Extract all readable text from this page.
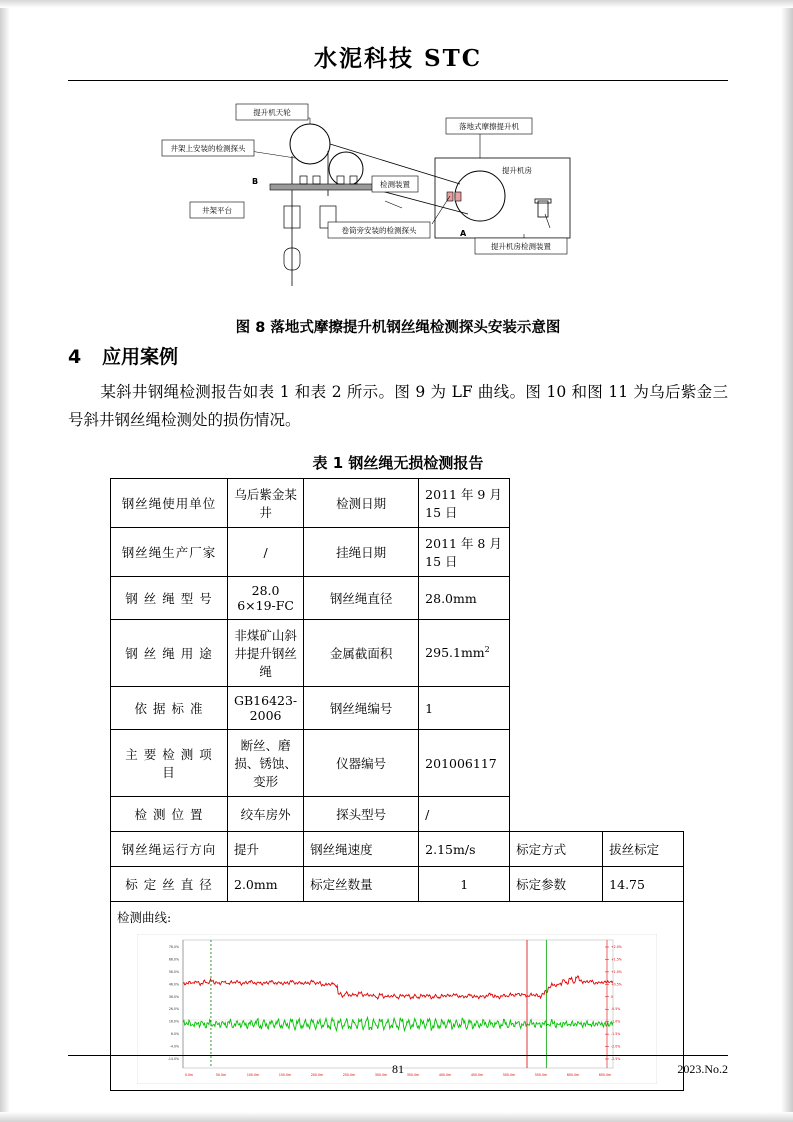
水泥科技 STC
提升机天轮
井架上安装的检测探头
B
井架平台
检测装置
卷筒旁安装的检测探头
落地式摩擦提升机
提升机房
提升机房检测装置
A
图 8 落地式摩擦提升机钢丝绳检测探头安装示意图
4 应用案例
某斜井钢绳检测报告如表 1 和表 2 所示。图 9 为 LF 曲线。图 10 和图 11 为乌后紫金三号斜井钢丝绳检测处的损伤情况。
表 1 钢丝绳无损检测报告
钢丝绳使用单位	乌后紫金某井	检测日期	2011 年 9 月 15 日		
钢丝绳生产厂家	/	挂绳日期	2011 年 8 月 15 日		
钢 丝 绳 型 号	28.0 6×19-FC	钢丝绳直径	28.0mm		
钢 丝 绳 用 途	非煤矿山斜井提升钢丝绳	金属截面积	$295.1mm^2$
依 据 标 准	GB16423-2006	钢丝绳编号	1		
主 要 检 测 项 目	断丝、磨损、锈蚀、变形	仪器编号	201006117		
检 测 位 置	绞车房外	探头型号	/		
钢丝绳运行方向	提升	钢丝绳速度	2.15m/s	标定方式	拔丝标定
标 定 丝 直 径	2.0mm	标定丝数量	1	标定参数	14.75

检测曲线:
76.0%
66.0%
56.0%
46.0%
36.0%
26.0%
16.0%
6.0%
-4.0%
-14.0%
+2.0%
+1.5%
+1.0%
+0.5%
0
-0.5%
-1.0%
-1.5%
-2.0%
-2.5%
0.0m	50.0m	100.0m	150.0m	200.0m	250.0m	300.0m	350.0m	400.0m	450.0m	500.0m	550.0m	600.0m	650.0m
81	2023.No.2
